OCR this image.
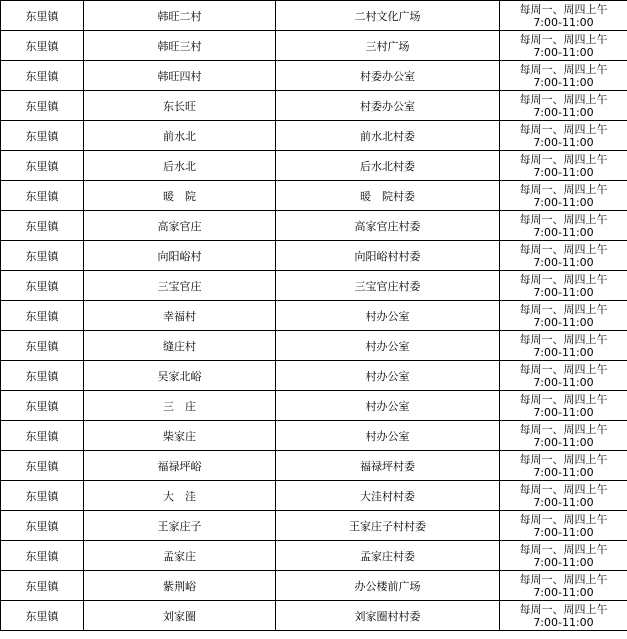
东里镇	韩旺二村	二村文化广场	每周一、周四上午
7:00-11:00

东里镇	韩旺三村	三村广场	每周一、周四上午
7:00-11:00

东里镇	韩旺四村	村委办公室	每周一、周四上午
7:00-11:00

东里镇	东长旺	村委办公室	每周一、周四上午
7:00-11:00

东里镇	前水北	前水北村委	每周一、周四上午
7:00-11:00

东里镇	后水北	后水北村委	每周一、周四上午
7:00-11:00

东里镇	暖　院	暖　院村委	每周一、周四上午
7:00-11:00

东里镇	高家官庄	高家官庄村委	每周一、周四上午
7:00-11:00

东里镇	向阳峪村	向阳峪村村委	每周一、周四上午
7:00-11:00

东里镇	三宝官庄	三宝官庄村委	每周一、周四上午
7:00-11:00

东里镇	幸福村	村办公室	每周一、周四上午
7:00-11:00

东里镇	缝庄村	村办公室	每周一、周四上午
7:00-11:00

东里镇	吴家北峪	村办公室	每周一、周四上午
7:00-11:00

东里镇	三　庄	村办公室	每周一、周四上午
7:00-11:00

东里镇	柴家庄	村办公室	每周一、周四上午
7:00-11:00

东里镇	福禄坪峪	福禄坪村委	每周一、周四上午
7:00-11:00

东里镇	大　洼	大洼村村委	每周一、周四上午
7:00-11:00

东里镇	王家庄子	王家庄子村村委	每周一、周四上午
7:00-11:00

东里镇	孟家庄	孟家庄村委	每周一、周四上午
7:00-11:00

东里镇	紫荆峪	办公楼前广场	每周一、周四上午
7:00-11:00

东里镇	刘家圈	刘家圈村村委	每周一、周四上午
7:00-11:00
